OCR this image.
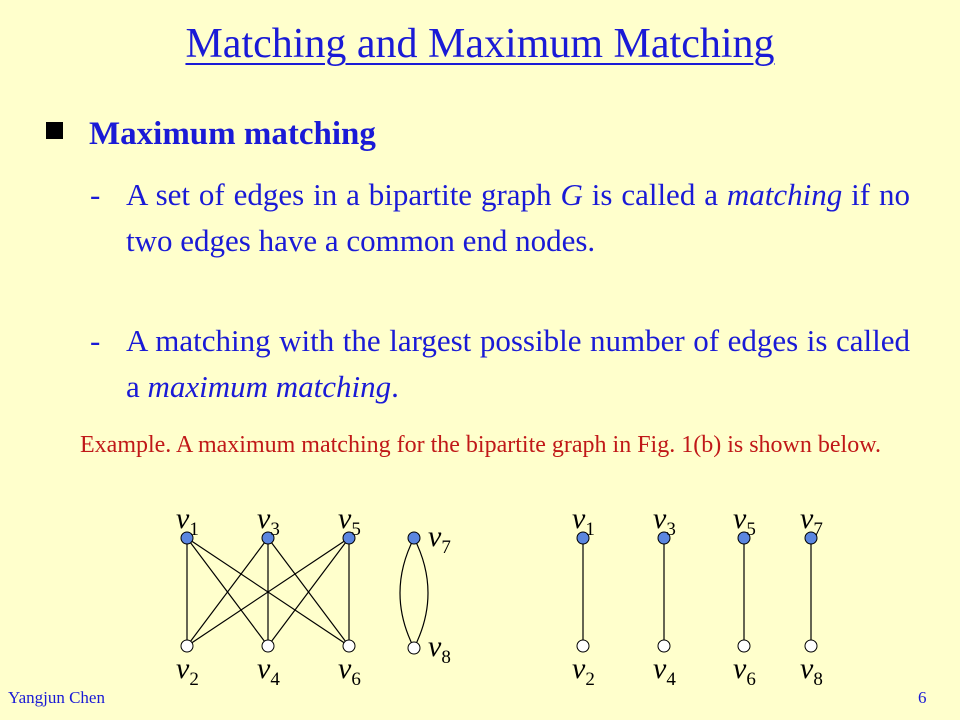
Matching and Maximum Matching
Maximum matching
- A set of edges in a bipartite graph G is called a matching if no two edges have a common end nodes.
- A matching with the largest possible number of edges is called a maximum matching.
Example. A maximum matching for the bipartite graph in Fig. 1(b) is shown below.
$v_1$ $v_3$ $v_5$
$v_2$ $v_4$ $v_6$
$v_7$
$v_8$
$v_1$ $v_3$ $v_5$ $v_7$
$v_2$ $v_4$ $v_6$ $v_8$
Yangjun Chen	6
